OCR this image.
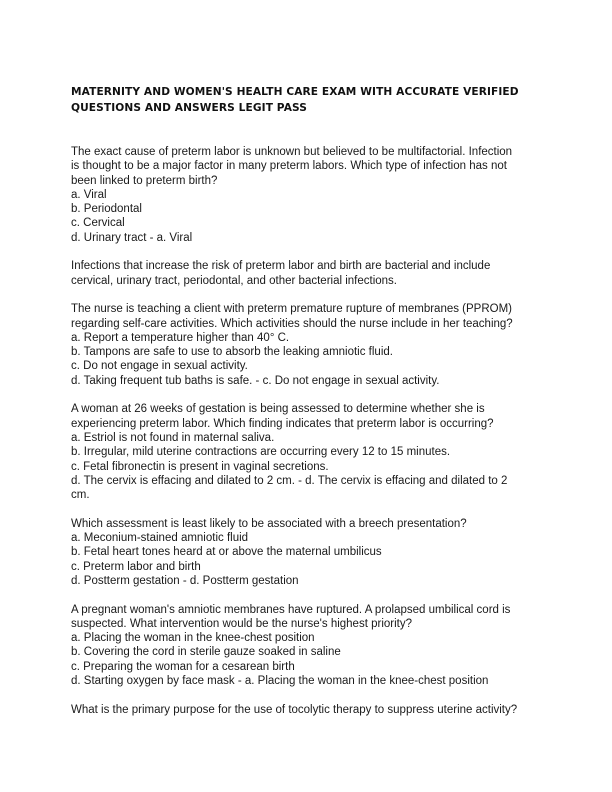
MATERNITY AND WOMEN'S HEALTH CARE EXAM WITH ACCURATE VERIFIED
QUESTIONS AND ANSWERS LEGIT PASS
The exact cause of preterm labor is unknown but believed to be multifactorial. Infection
is thought to be a major factor in many preterm labors. Which type of infection has not
been linked to preterm birth?
a. Viral
b. Periodontal
c. Cervical
d. Urinary tract - a. Viral
Infections that increase the risk of preterm labor and birth are bacterial and include
cervical, urinary tract, periodontal, and other bacterial infections.
The nurse is teaching a client with preterm premature rupture of membranes (PPROM)
regarding self-care activities. Which activities should the nurse include in her teaching?
a. Report a temperature higher than 40° C.
b. Tampons are safe to use to absorb the leaking amniotic fluid.
c. Do not engage in sexual activity.
d. Taking frequent tub baths is safe. - c. Do not engage in sexual activity.
A woman at 26 weeks of gestation is being assessed to determine whether she is
experiencing preterm labor. Which finding indicates that preterm labor is occurring?
a. Estriol is not found in maternal saliva.
b. Irregular, mild uterine contractions are occurring every 12 to 15 minutes.
c. Fetal fibronectin is present in vaginal secretions.
d. The cervix is effacing and dilated to 2 cm. - d. The cervix is effacing and dilated to 2
cm.
Which assessment is least likely to be associated with a breech presentation?
a. Meconium-stained amniotic fluid
b. Fetal heart tones heard at or above the maternal umbilicus
c. Preterm labor and birth
d. Postterm gestation - d. Postterm gestation
A pregnant woman's amniotic membranes have ruptured. A prolapsed umbilical cord is
suspected. What intervention would be the nurse's highest priority?
a. Placing the woman in the knee-chest position
b. Covering the cord in sterile gauze soaked in saline
c. Preparing the woman for a cesarean birth
d. Starting oxygen by face mask - a. Placing the woman in the knee-chest position
What is the primary purpose for the use of tocolytic therapy to suppress uterine activity?
